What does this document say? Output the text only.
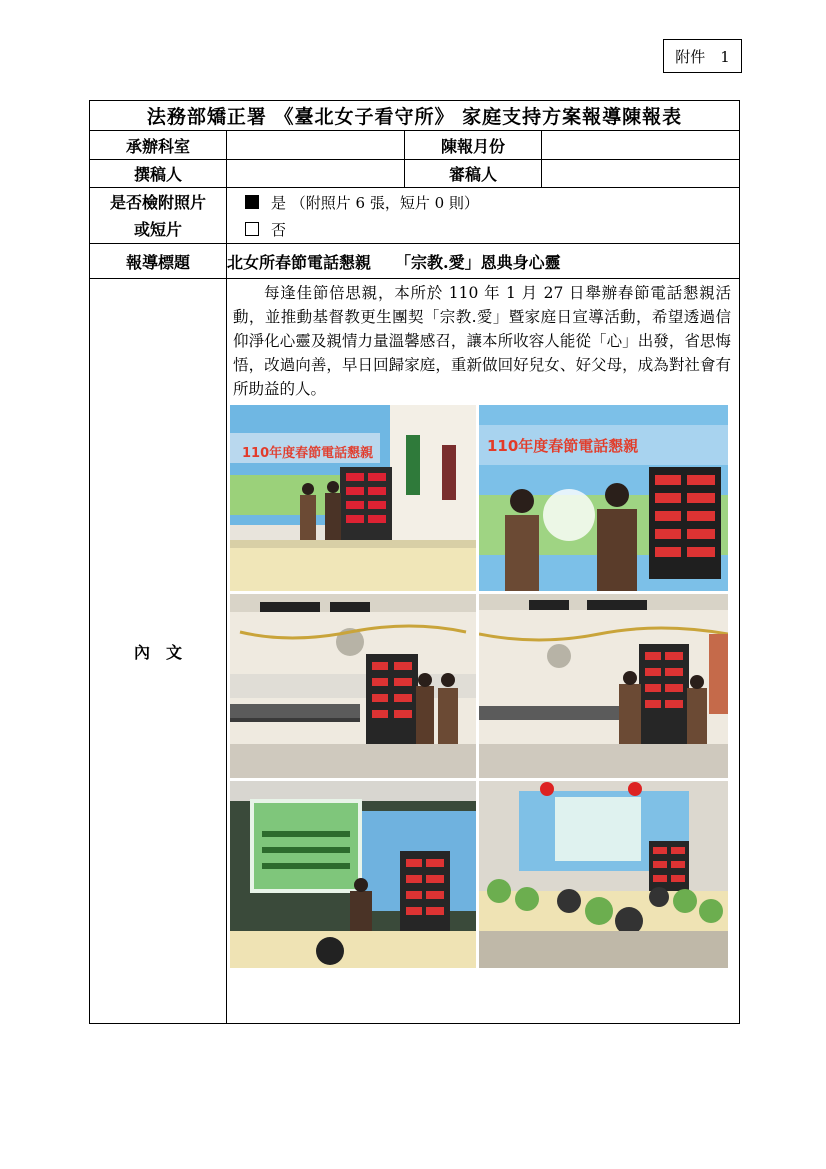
附件　1
法務部矯正署 《臺北女子看守所》 家庭支持方案報導陳報表			
承辦科室		陳報月份	
撰稿人		審稿人	

是否檢附照片或短片	是 （附照片 6 張，短片 0 則）
否		

報導標題	北女所春節電話懇親　　「宗教.愛」恩典身心靈		
內　文	每逢佳節倍思親，本所於 110 年 1 月 27 日舉辦春節電話懇親活動，並推動基督教更生團契「宗教.愛」暨家庭日宣導活動，希望透過信仰淨化心靈及親情力量溫馨感召，讓本所收容人能從「心」出發，省思悔悟，改過向善，早日回歸家庭，重新做回好兒女、好父母，成為對社會有所助益的人。
110年度春節電話懇親 110年度春節電話懇親		
